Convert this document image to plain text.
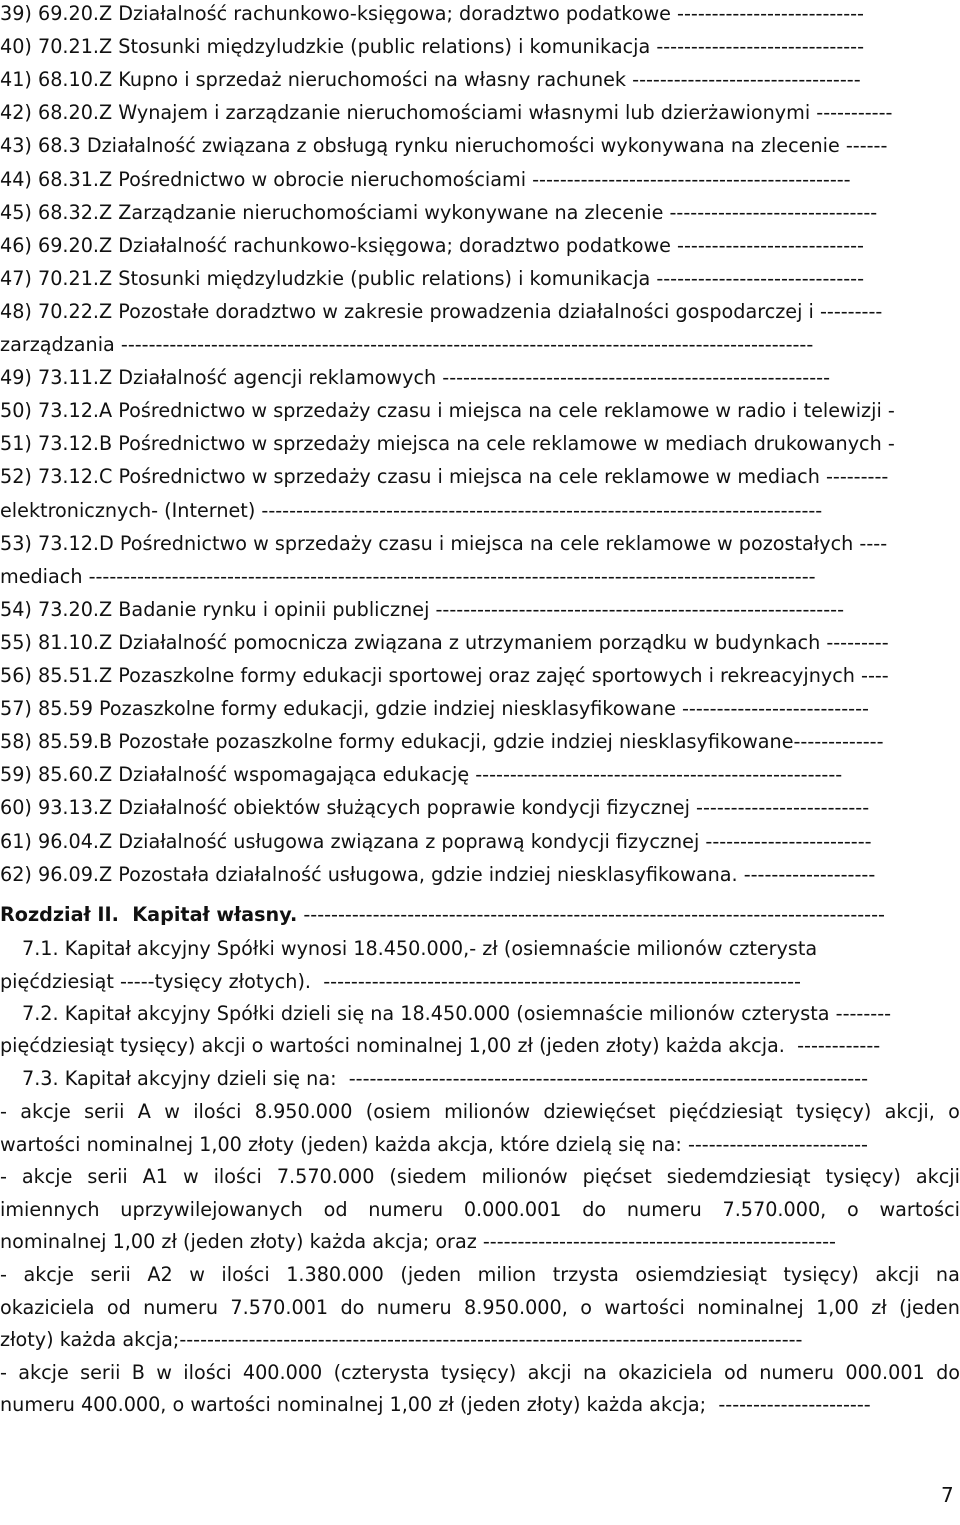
39) 69.20.Z Działalność rachunkowo-księgowa; doradztwo podatkowe ---------------------------
40) 70.21.Z Stosunki międzyludzkie (public relations) i komunikacja ------------------------------
41) 68.10.Z Kupno i sprzedaż nieruchomości na własny rachunek ---------------------------------
42) 68.20.Z Wynajem i zarządzanie nieruchomościami własnymi lub dzierżawionymi -----------
43) 68.3 Działalność związana z obsługą rynku nieruchomości wykonywana na zlecenie ------
44) 68.31.Z Pośrednictwo w obrocie nieruchomościami ----------------------------------------------
45) 68.32.Z Zarządzanie nieruchomościami wykonywane na zlecenie ------------------------------
46) 69.20.Z Działalność rachunkowo-księgowa; doradztwo podatkowe ---------------------------
47) 70.21.Z Stosunki międzyludzkie (public relations) i komunikacja ------------------------------
48) 70.22.Z Pozostałe doradztwo w zakresie prowadzenia działalności gospodarczej i ---------
zarządzania ----------------------------------------------------------------------------------------------------
49) 73.11.Z Działalność agencji reklamowych --------------------------------------------------------
50) 73.12.A Pośrednictwo w sprzedaży czasu i miejsca na cele reklamowe w radio i telewizji -
51) 73.12.B Pośrednictwo w sprzedaży miejsca na cele reklamowe w mediach drukowanych -
52) 73.12.C Pośrednictwo w sprzedaży czasu i miejsca na cele reklamowe w mediach ---------
elektronicznych- (Internet) ---------------------------------------------------------------------------------
53) 73.12.D Pośrednictwo w sprzedaży czasu i miejsca na cele reklamowe w pozostałych ----
mediach ---------------------------------------------------------------------------------------------------------
54) 73.20.Z Badanie rynku i opinii publicznej -----------------------------------------------------------
55) 81.10.Z Działalność pomocnicza związana z utrzymaniem porządku w budynkach ---------
56) 85.51.Z Pozaszkolne formy edukacji sportowej oraz zajęć sportowych i rekreacyjnych ----
57) 85.59 Pozaszkolne formy edukacji, gdzie indziej niesklasyfikowane ---------------------------
58) 85.59.B Pozostałe pozaszkolne formy edukacji, gdzie indziej niesklasyfikowane-------------
59) 85.60.Z Działalność wspomagająca edukację -----------------------------------------------------
60) 93.13.Z Działalność obiektów służących poprawie kondycji fizycznej -------------------------
61) 96.04.Z Działalność usługowa związana z poprawą kondycji fizycznej ------------------------
62) 96.09.Z Pozostała działalność usługowa, gdzie indziej niesklasyfikowana. -------------------
Rozdział II.  Kapitał własny. ------------------------------------------------------------------------------------
7.1. Kapitał akcyjny Spółki wynosi 18.450.000,- zł (osiemnaście milionów czterysta
pięćdziesiąt -----tysięcy złotych).  ---------------------------------------------------------------------
7.2. Kapitał akcyjny Spółki dzieli się na 18.450.000 (osiemnaście milionów czterysta --------
pięćdziesiąt tysięcy) akcji o wartości nominalnej 1,00 zł (jeden złoty) każda akcja.  ------------
7.3. Kapitał akcyjny dzieli się na:  ---------------------------------------------------------------------------
- akcje serii A w ilości 8.950.000 (osiem milionów dziewięćset pięćdziesiąt tysięcy) akcji, o
wartości nominalnej 1,00 złoty (jeden) każda akcja, które dzielą się na: --------------------------
- akcje serii A1 w ilości 7.570.000 (siedem milionów pięćset siedemdziesiąt tysięcy) akcji
imiennych uprzywilejowanych od numeru 0.000.001 do numeru 7.570.000, o wartości
nominalnej 1,00 zł (jeden złoty) każda akcja; oraz ---------------------------------------------------
- akcje serii A2 w ilości 1.380.000 (jeden milion trzysta osiemdziesiąt tysięcy) akcji na
okaziciela od numeru 7.570.001 do numeru 8.950.000, o wartości nominalnej 1,00 zł (jeden
złoty) każda akcja;------------------------------------------------------------------------------------------
- akcje serii B w ilości 400.000 (czterysta tysięcy) akcji na okaziciela od numeru 000.001 do
numeru 400.000, o wartości nominalnej 1,00 zł (jeden złoty) każda akcja;  ----------------------
7
